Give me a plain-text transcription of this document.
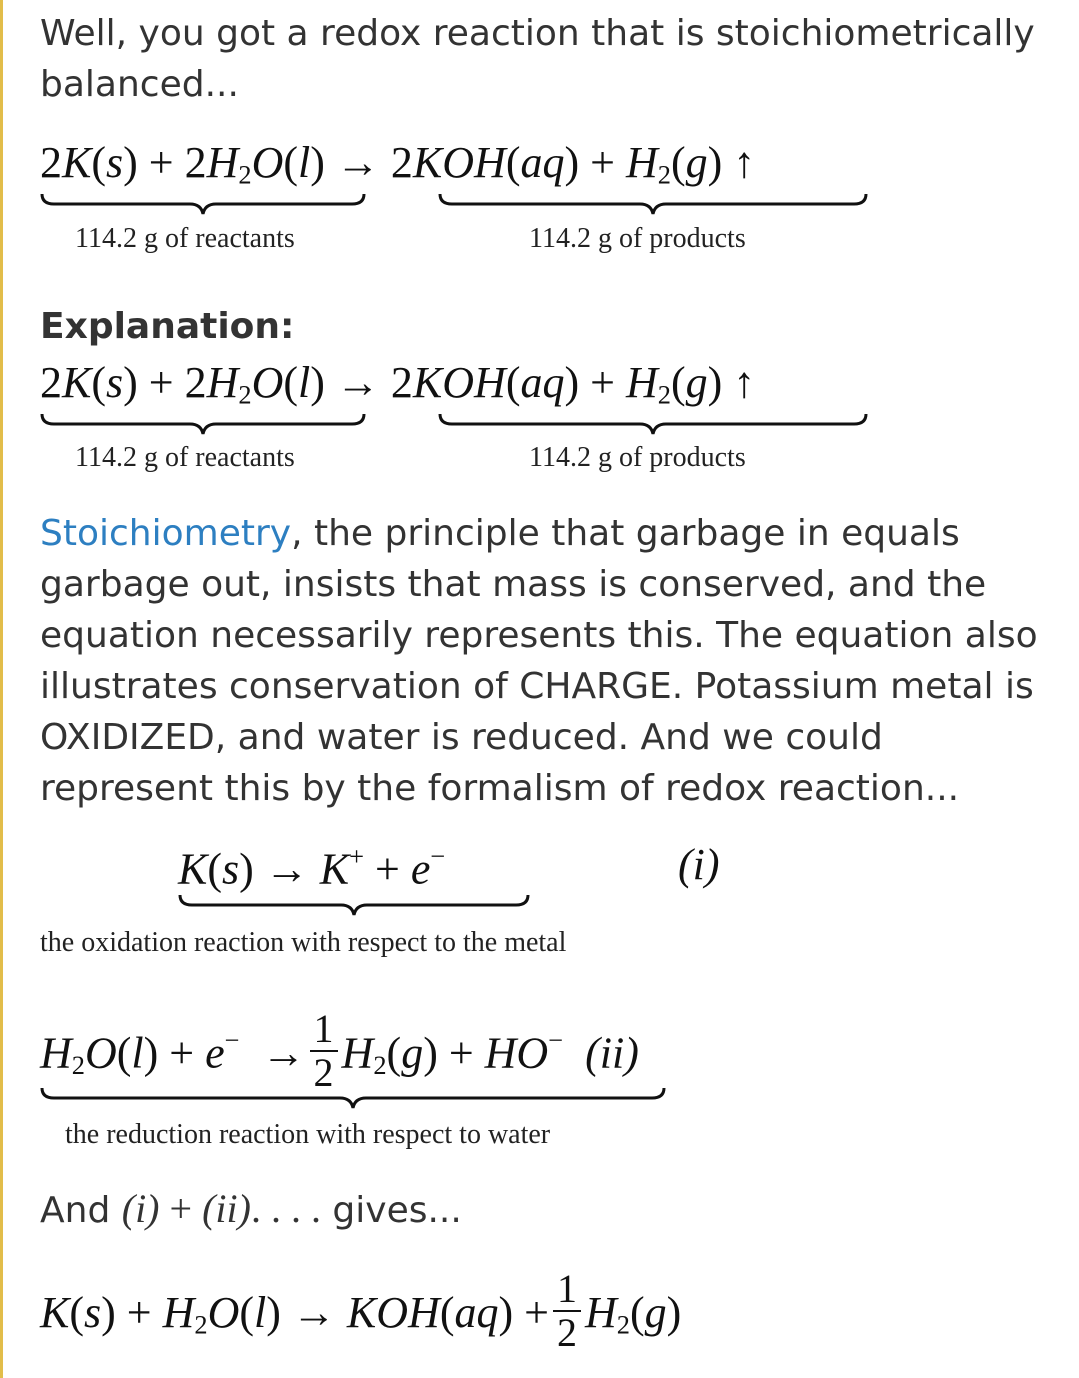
Well, you got a redox reaction that is stoichiometrically balanced...
$2K(s) + 2H_2O(l) \to 2KOH(aq) + H_2(g)$ ↑
114.2 g of reactants	114.2 g of products
Explanation:
$2K(s) + 2H_2O(l) \to 2KOH(aq) + H_2(g)$ ↑
114.2 g of reactants	114.2 g of products
Stoichiometry, the principle that garbage in equals garbage out, insists that mass is conserved, and the equation necessarily represents this. The equation also illustrates conservation of CHARGE. Potassium metal is OXIDIZED, and water is reduced. And we could represent this by the formalism of redox reaction...
K(s) → K+ + e−	(i)
the oxidation reaction with respect to the metal
$H_2O(l) + e^- \to \frac{1}{2} H_2(g) + HO^-$ (ii)
the reduction reaction with respect to water
And (i) + (ii). . . . gives...
$K(s) + H_2O(l) \to KOH(aq) + \frac{1}{2} H_2(g)$
